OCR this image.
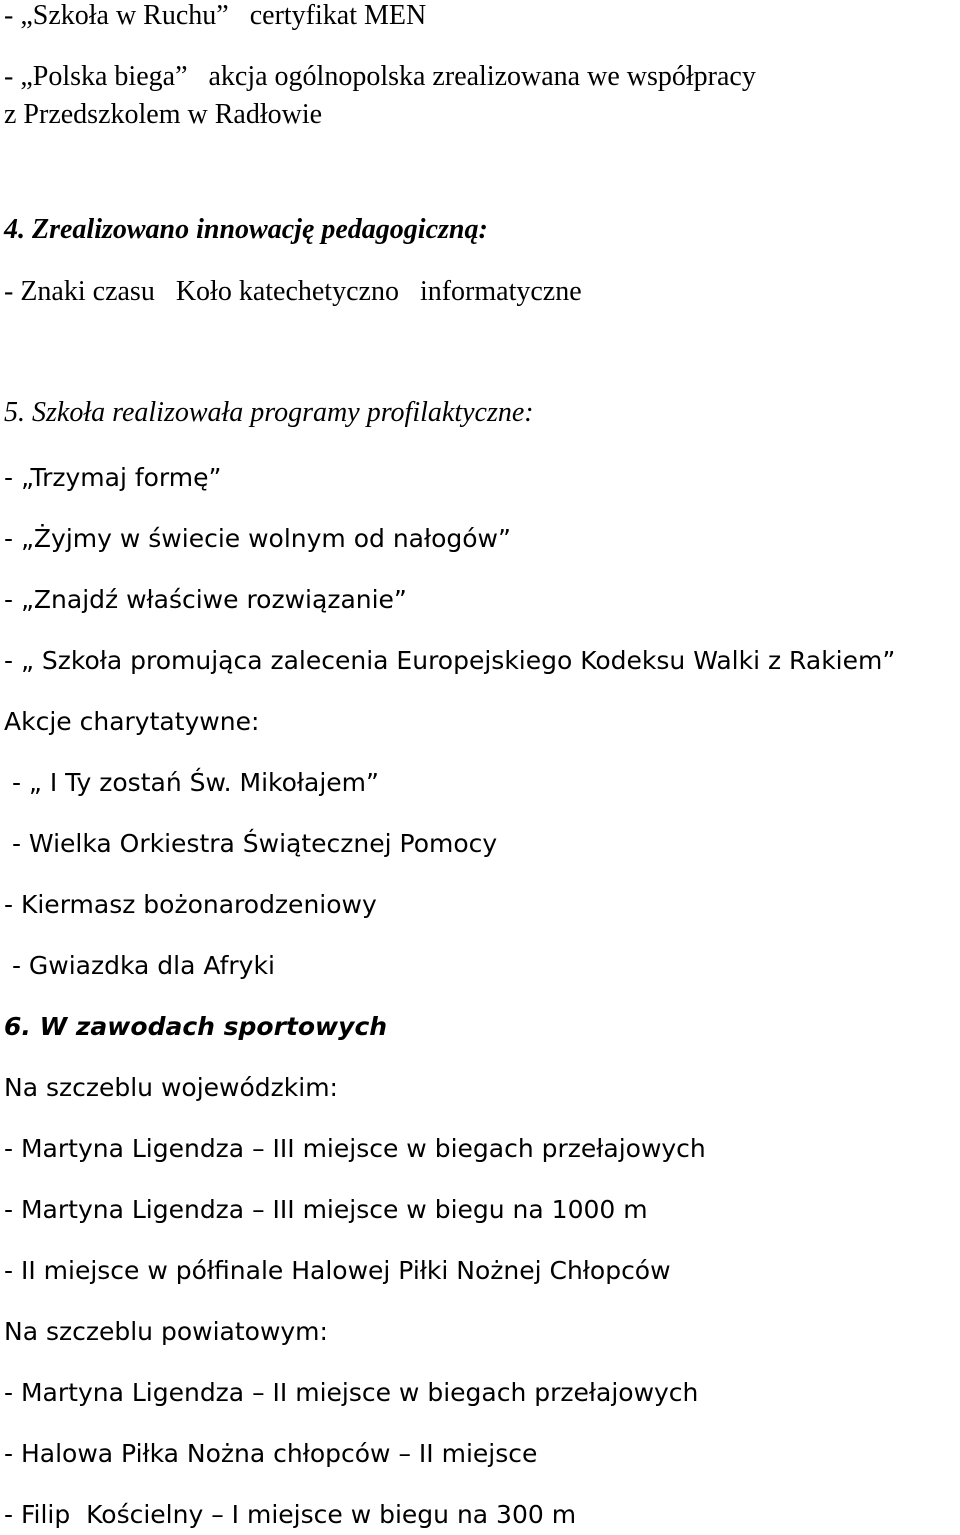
- „Szkoła w Ruchu”   certyfikat MEN
- „Polska biega”   akcja ogólnopolska zrealizowana we współpracy
z Przedszkolem w Radłowie
4. Zrealizowano innowację pedagogiczną:
- Znaki czasu   Koło katechetyczno   informatyczne
5. Szkoła realizowała programy profilaktyczne:
- „Trzymaj formę”
- „Żyjmy w świecie wolnym od nałogów”
- „Znajdź właściwe rozwiązanie”
- „ Szkoła promująca zalecenia Europejskiego Kodeksu Walki z Rakiem”
Akcje charytatywne:
- „ I Ty zostań Św. Mikołajem”
- Wielka Orkiestra Świątecznej Pomocy
- Kiermasz bożonarodzeniowy
- Gwiazdka dla Afryki
6. W zawodach sportowych
Na szczeblu wojewódzkim:
- Martyna Ligendza – III miejsce w biegach przełajowych
- Martyna Ligendza – III miejsce w biegu na 1000 m
- II miejsce w półfinale Halowej Piłki Nożnej Chłopców
Na szczeblu powiatowym:
- Martyna Ligendza – II miejsce w biegach przełajowych
- Halowa Piłka Nożna chłopców – II miejsce
- Filip  Kościelny – I miejsce w biegu na 300 m
